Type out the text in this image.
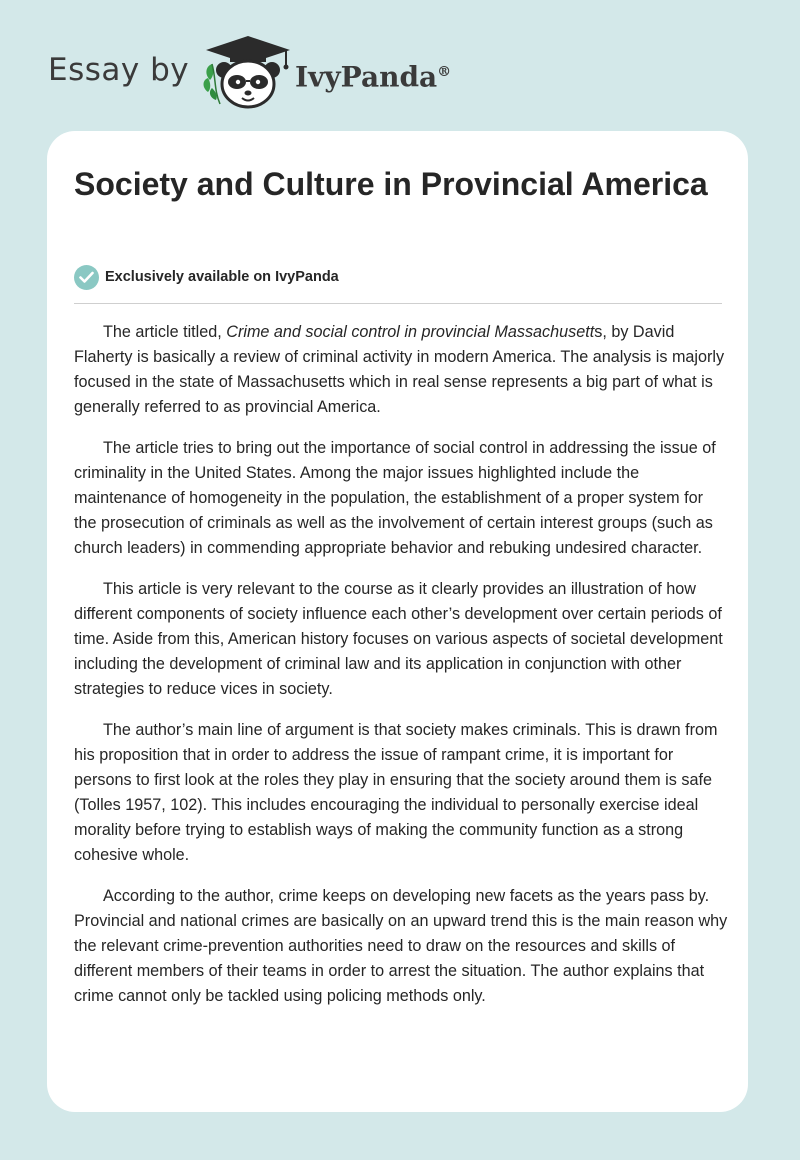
Essay by	IvyPanda®
Society and Culture in Provincial America
Exclusively available on IvyPanda

The article titled, Crime and social control in provincial Massachusetts, by David Flaherty is basically a review of criminal activity in modern America. The analysis is majorly focused in the state of Massachusetts which in real sense represents a big part of what is generally referred to as provincial America.

The article tries to bring out the importance of social control in addressing the issue of criminality in the United States. Among the major issues highlighted include the maintenance of homogeneity in the population, the establishment of a proper system for the prosecution of criminals as well as the involvement of certain interest groups (such as church leaders) in commending appropriate behavior and rebuking undesired character.

This article is very relevant to the course as it clearly provides an illustration of how different components of society influence each other’s development over certain periods of time. Aside from this, American history focuses on various aspects of societal development including the development of criminal law and its application in conjunction with other strategies to reduce vices in society.

The author’s main line of argument is that society makes criminals. This is drawn from his proposition that in order to address the issue of rampant crime, it is important for persons to first look at the roles they play in ensuring that the society around them is safe (Tolles 1957, 102). This includes encouraging the individual to personally exercise ideal morality before trying to establish ways of making the community function as a strong cohesive whole.

According to the author, crime keeps on developing new facets as the years pass by. Provincial and national crimes are basically on an upward trend this is the main reason why the relevant crime-prevention authorities need to draw on the resources and skills of different members of their teams in order to arrest the situation. The author explains that crime cannot only be tackled using policing methods only.
